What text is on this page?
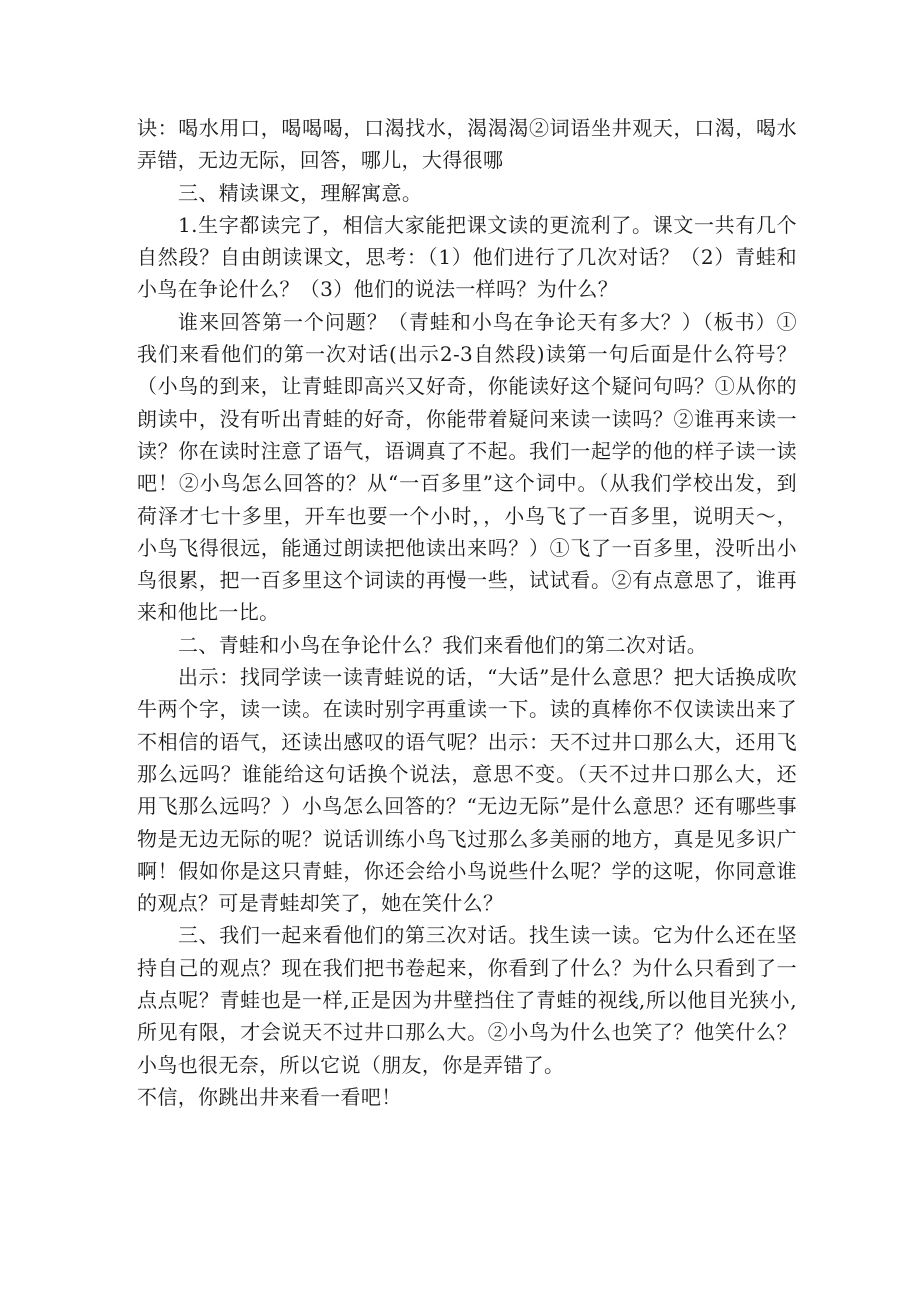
诀：喝水用口，喝喝喝，口渴找水，渴渴渴②词语坐井观天，口渴，喝水弄错，无边无际，回答，哪儿，大得很哪

三、精读课文，理解寓意。

1.生字都读完了，相信大家能把课文读的更流利了。课文一共有几个自然段？自由朗读课文，思考：（1）他们进行了几次对话？（2）青蛙和小鸟在争论什么？（3）他们的说法一样吗？为什么？

谁来回答第一个问题？（青蛙和小鸟在争论天有多大？）（板书）①我们来看他们的第一次对话(出示2-3自然段)读第一句后面是什么符号？（小鸟的到来，让青蛙即高兴又好奇，你能读好这个疑问句吗？①从你的朗读中，没有听出青蛙的好奇，你能带着疑问来读一读吗？②谁再来读一读？你在读时注意了语气，语调真了不起。我们一起学的他的样子读一读吧！②小鸟怎么回答的？从“一百多里”这个词中。（从我们学校出发，到荷泽才七十多里，开车也要一个小时，，小鸟飞了一百多里，说明天～，小鸟飞得很远，能通过朗读把他读出来吗？）①飞了一百多里，没听出小鸟很累，把一百多里这个词读的再慢一些，试试看。②有点意思了，谁再来和他比一比。

二、青蛙和小鸟在争论什么？我们来看他们的第二次对话。

出示：找同学读一读青蛙说的话，“大话”是什么意思？把大话换成吹牛两个字，读一读。在读时别字再重读一下。读的真棒你不仅读读出来了不相信的语气，还读出感叹的语气呢？出示：天不过井口那么大，还用飞那么远吗？谁能给这句话换个说法，意思不变。（天不过井口那么大，还用飞那么远吗？）小鸟怎么回答的？“无边无际”是什么意思？还有哪些事物是无边无际的呢？说话训练小鸟飞过那么多美丽的地方，真是见多识广啊！假如你是这只青蛙，你还会给小鸟说些什么呢？学的这呢，你同意谁的观点？可是青蛙却笑了，她在笑什么？

三、我们一起来看他们的第三次对话。找生读一读。它为什么还在坚持自己的观点？现在我们把书卷起来，你看到了什么？为什么只看到了一点点呢？青蛙也是一样,正是因为井壁挡住了青蛙的视线,所以他目光狭小,所见有限，才会说天不过井口那么大。②小鸟为什么也笑了？他笑什么？小鸟也很无奈，所以它说（朋友，你是弄错了。

不信，你跳出井来看一看吧！
